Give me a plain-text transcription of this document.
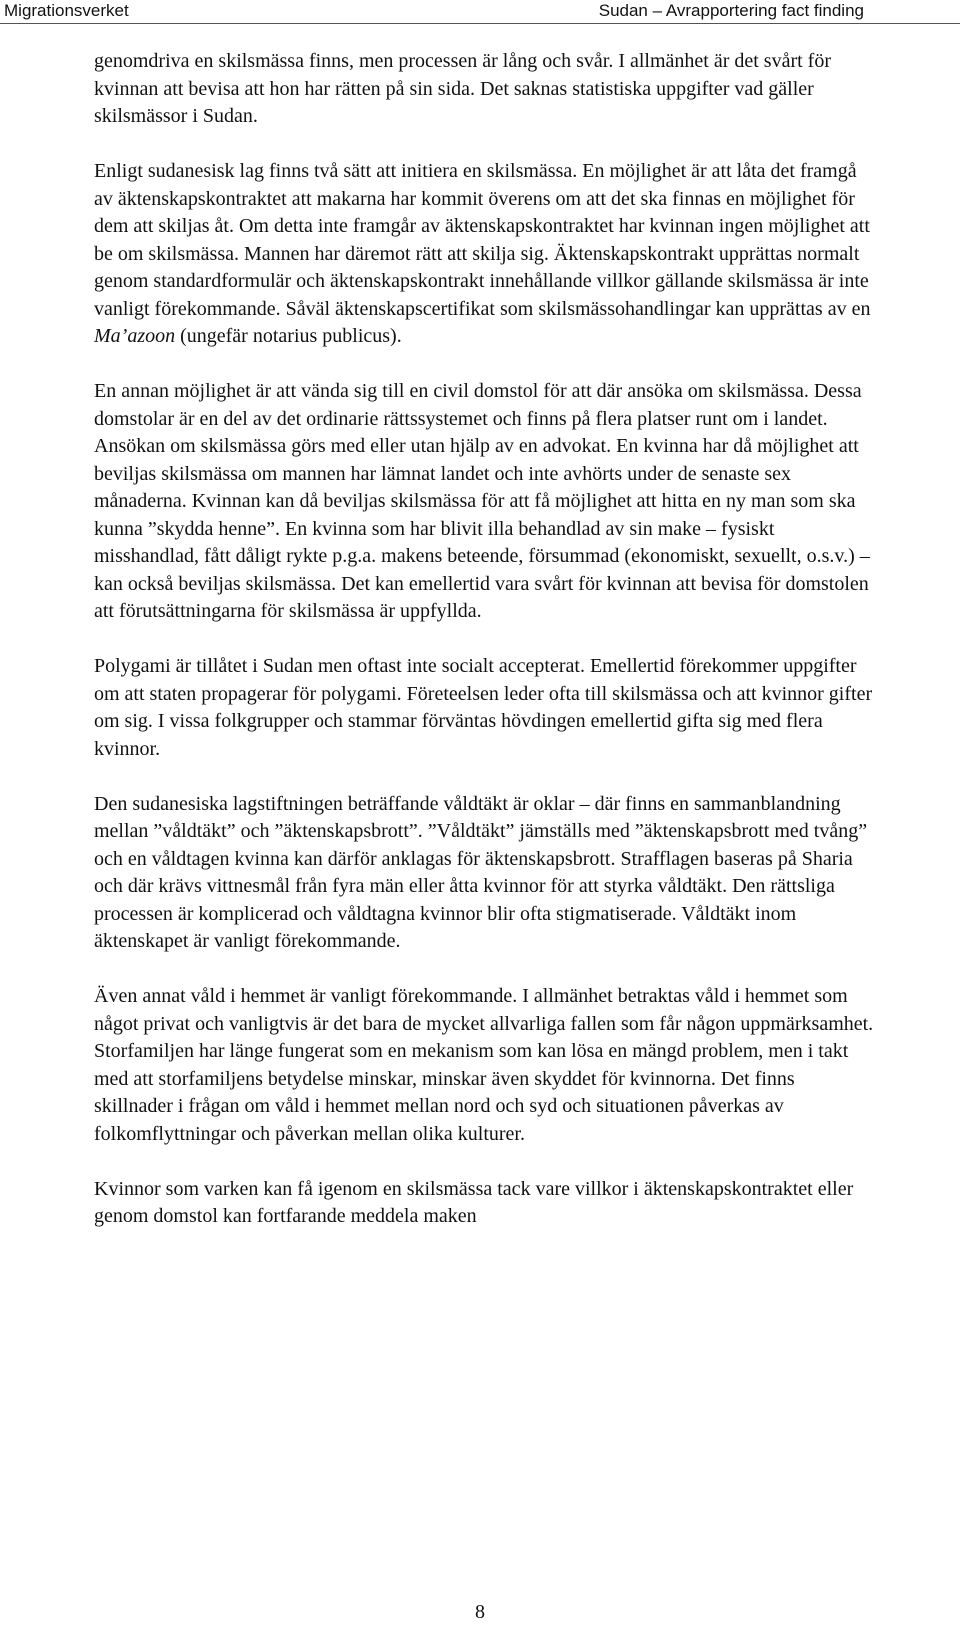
Migrationsverket	Sudan – Avrapportering fact finding

genomdriva en skilsmässa finns, men processen är lång och svår. I allmänhet är det svårt för kvinnan att bevisa att hon har rätten på sin sida. Det saknas statistiska uppgifter vad gäller skilsmässor i Sudan.

Enligt sudanesisk lag finns två sätt att initiera en skilsmässa. En möjlighet är att låta det framgå av äktenskapskontraktet att makarna har kommit överens om att det ska finnas en möjlighet för dem att skiljas åt. Om detta inte framgår av äktenskapskontraktet har kvinnan ingen möjlighet att be om skilsmässa. Mannen har däremot rätt att skilja sig. Äktenskapskontrakt upprättas normalt genom standardformulär och äktenskapskontrakt innehållande villkor gällande skilsmässa är inte vanligt förekommande. Såväl äktenskapscertifikat som skilsmässohandlingar kan upprättas av en Ma’azoon (ungefär notarius publicus).

En annan möjlighet är att vända sig till en civil domstol för att där ansöka om skilsmässa. Dessa domstolar är en del av det ordinarie rättssystemet och finns på flera platser runt om i landet. Ansökan om skilsmässa görs med eller utan hjälp av en advokat. En kvinna har då möjlighet att beviljas skilsmässa om mannen har lämnat landet och inte avhörts under de senaste sex månaderna. Kvinnan kan då beviljas skilsmässa för att få möjlighet att hitta en ny man som ska kunna ”skydda henne”. En kvinna som har blivit illa behandlad av sin make – fysiskt misshandlad, fått dåligt rykte p.g.a. makens beteende, försummad (ekonomiskt, sexuellt, o.s.v.) – kan också beviljas skilsmässa. Det kan emellertid vara svårt för kvinnan att bevisa för domstolen att förutsättningarna för skilsmässa är uppfyllda.

Polygami är tillåtet i Sudan men oftast inte socialt accepterat. Emellertid förekommer uppgifter om att staten propagerar för polygami. Företeelsen leder ofta till skilsmässa och att kvinnor gifter om sig. I vissa folkgrupper och stammar förväntas hövdingen emellertid gifta sig med flera kvinnor.

Den sudanesiska lagstiftningen beträffande våldtäkt är oklar – där finns en sammanblandning mellan ”våldtäkt” och ”äktenskapsbrott”. ”Våldtäkt” jämställs med ”äktenskapsbrott med tvång” och en våldtagen kvinna kan därför anklagas för äktenskapsbrott. Strafflagen baseras på Sharia och där krävs vittnesmål från fyra män eller åtta kvinnor för att styrka våldtäkt. Den rättsliga processen är komplicerad och våldtagna kvinnor blir ofta stigmatiserade. Våldtäkt inom äktenskapet är vanligt förekommande.

Även annat våld i hemmet är vanligt förekommande. I allmänhet betraktas våld i hemmet som något privat och vanligtvis är det bara de mycket allvarliga fallen som får någon uppmärksamhet. Storfamiljen har länge fungerat som en mekanism som kan lösa en mängd problem, men i takt med att storfamiljens betydelse minskar, minskar även skyddet för kvinnorna. Det finns skillnader i frågan om våld i hemmet mellan nord och syd och situationen påverkas av folkomflyttningar och påverkan mellan olika kulturer.

Kvinnor som varken kan få igenom en skilsmässa tack vare villkor i äktenskapskontraktet eller genom domstol kan fortfarande meddela maken

8
